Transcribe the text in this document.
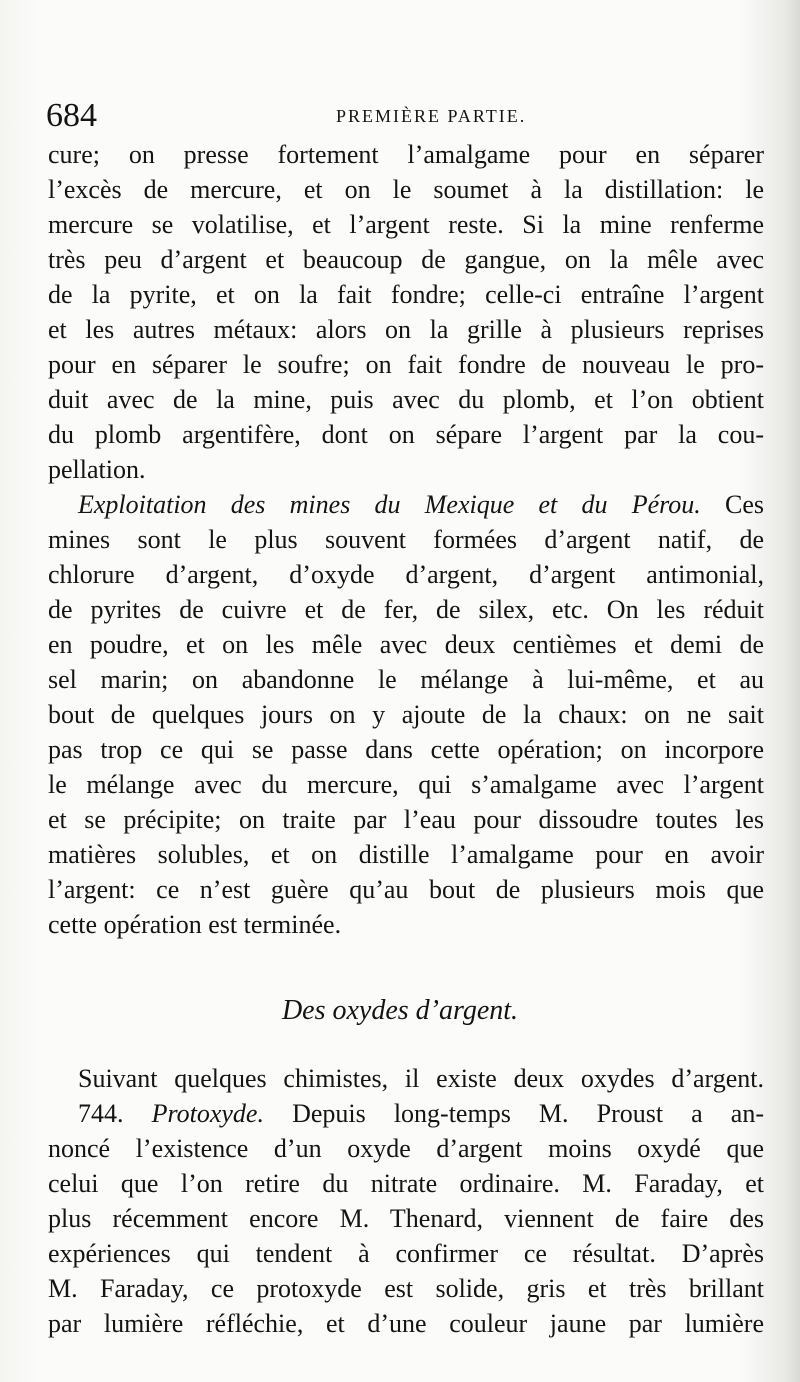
684	PREMIÈRE PARTIE.
cure; on presse fortement l’amalgame pour en séparer
l’excès de mercure, et on le soumet à la distillation: le
mercure se volatilise, et l’argent reste. Si la mine renferme
très peu d’argent et beaucoup de gangue, on la mêle avec
de la pyrite, et on la fait fondre; celle-ci entraîne l’argent
et les autres métaux: alors on la grille à plusieurs reprises
pour en séparer le soufre; on fait fondre de nouveau le pro-
duit avec de la mine, puis avec du plomb, et l’on obtient
du plomb argentifère, dont on sépare l’argent par la cou-
pellation.
Exploitation des mines du Mexique et du Pérou. Ces
mines sont le plus souvent formées d’argent natif, de
chlorure d’argent, d’oxyde d’argent, d’argent antimonial,
de pyrites de cuivre et de fer, de silex, etc. On les réduit
en poudre, et on les mêle avec deux centièmes et demi de
sel marin; on abandonne le mélange à lui-même, et au
bout de quelques jours on y ajoute de la chaux: on ne sait
pas trop ce qui se passe dans cette opération; on incorpore
le mélange avec du mercure, qui s’amalgame avec l’argent
et se précipite; on traite par l’eau pour dissoudre toutes les
matières solubles, et on distille l’amalgame pour en avoir
l’argent: ce n’est guère qu’au bout de plusieurs mois que
cette opération est terminée.
Des oxydes d’argent.
Suivant quelques chimistes, il existe deux oxydes d’argent.
744. Protoxyde. Depuis long-temps M. Proust a an-
noncé l’existence d’un oxyde d’argent moins oxydé que
celui que l’on retire du nitrate ordinaire. M. Faraday, et
plus récemment encore M. Thenard, viennent de faire des
expériences qui tendent à confirmer ce résultat. D’après
M. Faraday, ce protoxyde est solide, gris et très brillant
par lumière réfléchie, et d’une couleur jaune par lumière
